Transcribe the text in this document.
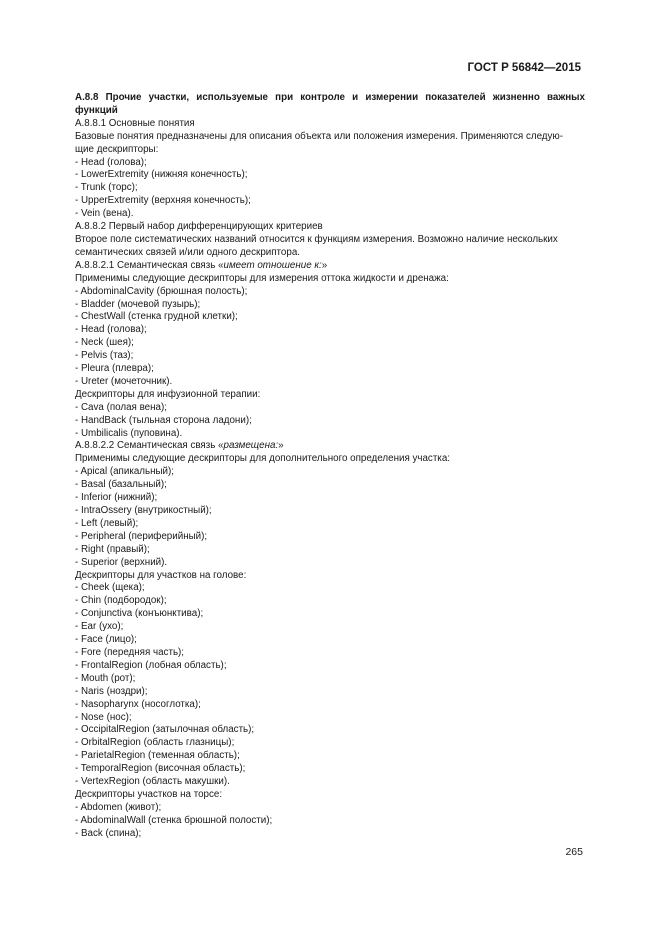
ГОСТ Р 56842—2015
А.8.8 Прочие участки, используемые при контроле и измерении показателей жизненно важных функций
А.8.8.1 Основные понятия
Базовые понятия предназначены для описания объекта или положения измерения. Применяются следую-
щие дескрипторы:
- Head (голова);
- LowerExtremity (нижняя конечность);
- Trunk (торс);
- UpperExtremity (верхняя конечность);
- Vein (вена).
А.8.8.2 Первый набор дифференцирующих критериев
Второе поле систематических названий относится к функциям измерения. Возможно наличие нескольких
семантических связей и/или одного дескриптора.
А.8.8.2.1 Семантическая связь «имеет отношение к:»
Применимы следующие дескрипторы для измерения оттока жидкости и дренажа:
- AbdominalCavity (брюшная полость);
- Bladder (мочевой пузырь);
- ChestWall (стенка грудной клетки);
- Head (голова);
- Neck (шея);
- Pelvis (таз);
- Pleura (плевра);
- Ureter (мочеточник).
Дескрипторы для инфузионной терапии:
- Cava (полая вена);
- HandBack (тыльная сторона ладони);
- Umbilicalis (пуповина).
А.8.8.2.2 Семантическая связь «размещена:»
Применимы следующие дескрипторы для дополнительного определения участка:
- Apical (апикальный);
- Basal (базальный);
- Inferior (нижний);
- IntraOssery (внутрикостный);
- Left (левый);
- Peripheral (периферийный);
- Right (правый);
- Superior (верхний).
Дескрипторы для участков на голове:
- Cheek (щека);
- Chin (подбородок);
- Conjunctiva (конъюнктива);
- Ear (ухо);
- Face (лицо);
- Fore (передняя часть);
- FrontalRegion (лобная область);
- Mouth (рот);
- Naris (ноздри);
- Nasopharynx (носоглотка);
- Nose (нос);
- OccipitalRegion (затылочная область);
- OrbitalRegion (область глазницы);
- ParietalRegion (теменная область);
- TemporalRegion (височная область);
- VertexRegion (область макушки).
Дескрипторы участков на торсе:
- Abdomen (живот);
- AbdominalWall (стенка брюшной полости);
- Back (спина);
265
